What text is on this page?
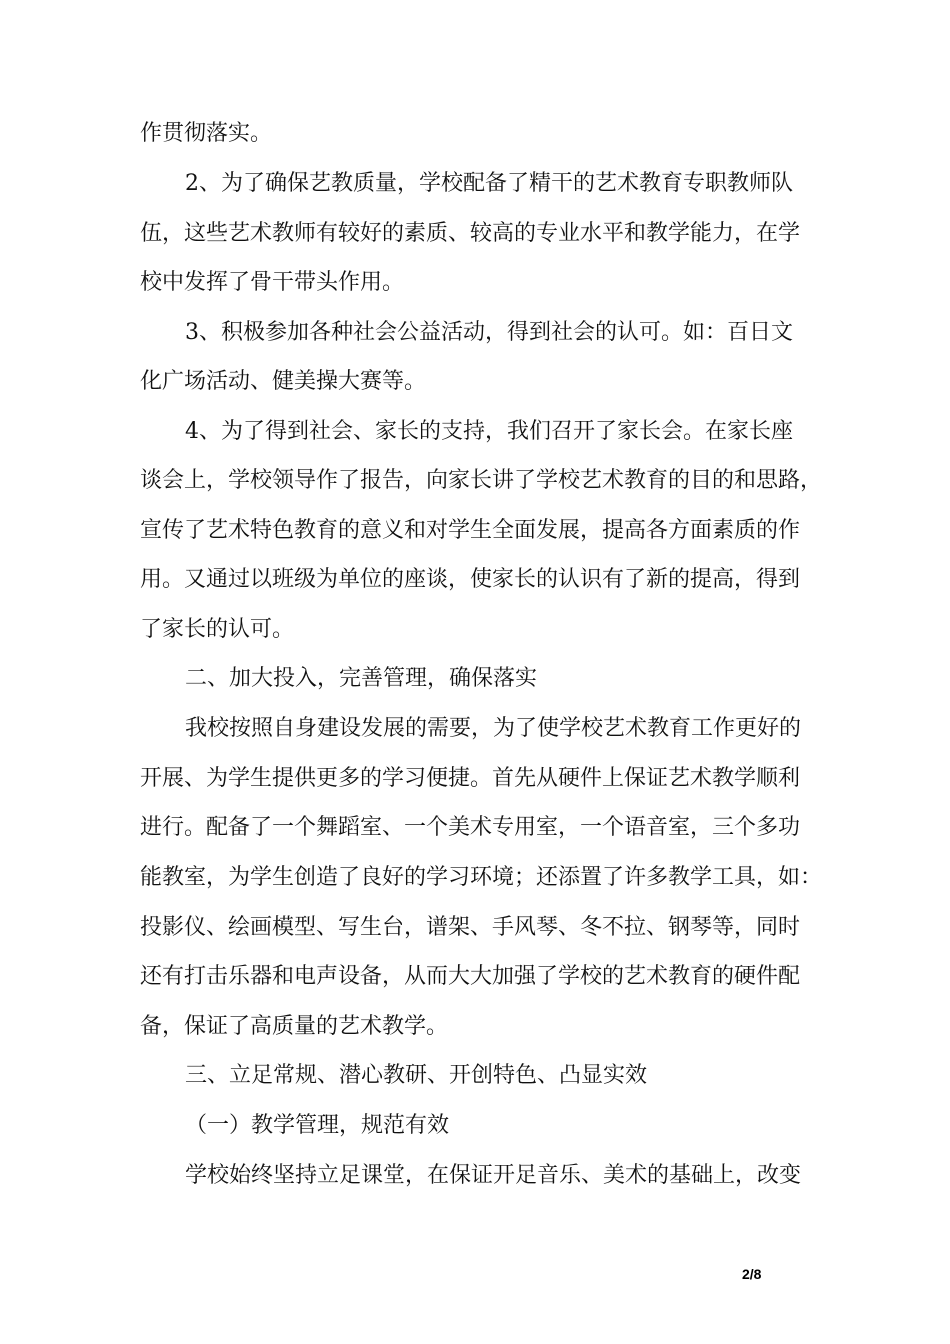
作贯彻落实。
2、为了确保艺教质量，学校配备了精干的艺术教育专职教师队
伍，这些艺术教师有较好的素质、较高的专业水平和教学能力，在学
校中发挥了骨干带头作用。
3、积极参加各种社会公益活动，得到社会的认可。如：百日文
化广场活动、健美操大赛等。
4、为了得到社会、家长的支持，我们召开了家长会。在家长座
谈会上，学校领导作了报告，向家长讲了学校艺术教育的目的和思路，
宣传了艺术特色教育的意义和对学生全面发展，提高各方面素质的作
用。又通过以班级为单位的座谈，使家长的认识有了新的提高，得到
了家长的认可。
二、加大投入，完善管理，确保落实
我校按照自身建设发展的需要，为了使学校艺术教育工作更好的
开展、为学生提供更多的学习便捷。首先从硬件上保证艺术教学顺利
进行。配备了一个舞蹈室、一个美术专用室，一个语音室，三个多功
能教室，为学生创造了良好的学习环境；还添置了许多教学工具，如：
投影仪、绘画模型、写生台，谱架、手风琴、冬不拉、钢琴等，同时
还有打击乐器和电声设备，从而大大加强了学校的艺术教育的硬件配
备，保证了高质量的艺术教学。
三、立足常规、潜心教研、开创特色、凸显实效
（一）教学管理，规范有效
学校始终坚持立足课堂，在保证开足音乐、美术的基础上，改变
2/8
